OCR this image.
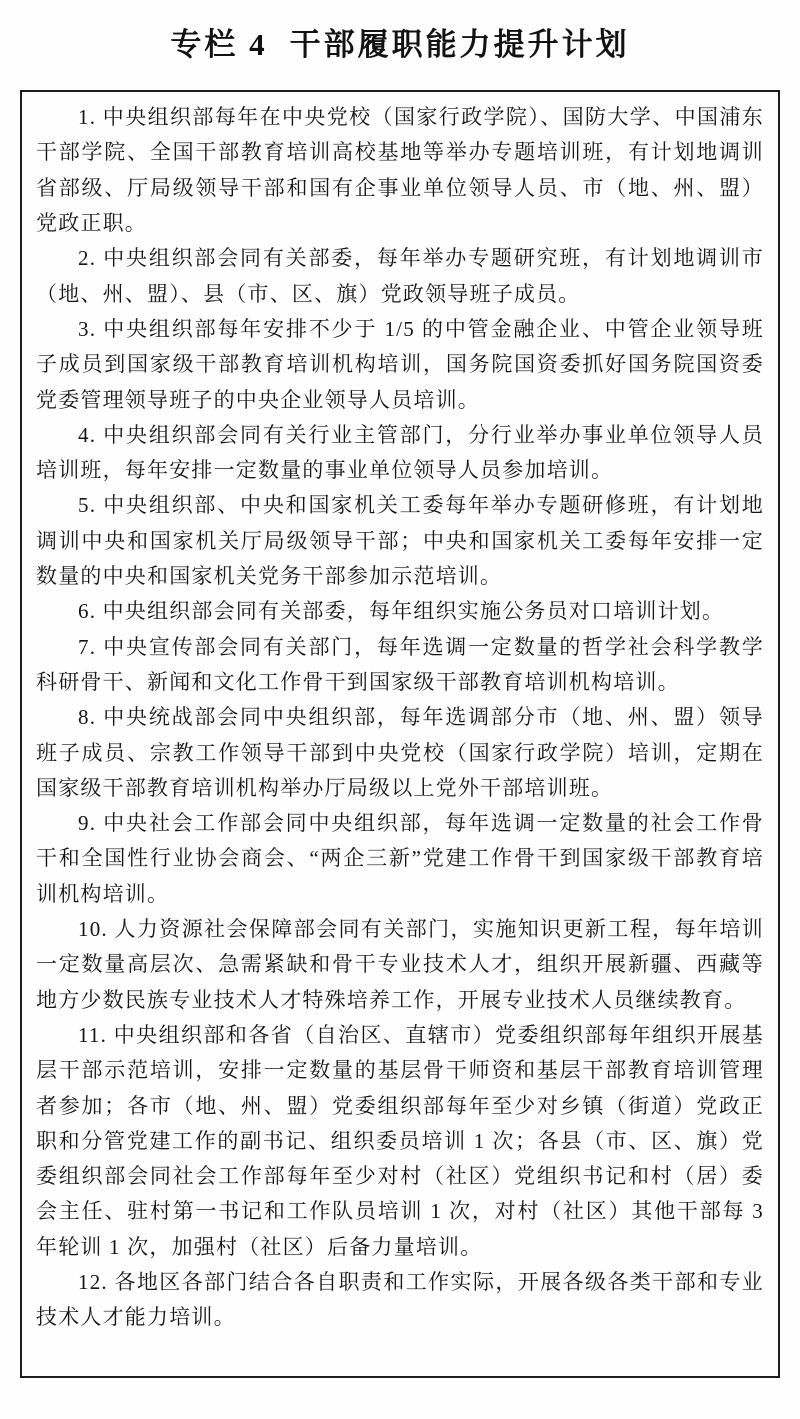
专栏 4 干部履职能力提升计划

1. 中央组织部每年在中央党校（国家行政学院）、国防大学、中国浦东干部学院、全国干部教育培训高校基地等举办专题培训班，有计划地调训省部级、厅局级领导干部和国有企事业单位领导人员、市（地、州、盟）党政正职。

2. 中央组织部会同有关部委，每年举办专题研究班，有计划地调训市（地、州、盟）、县（市、区、旗）党政领导班子成员。

3. 中央组织部每年安排不少于 1/5 的中管金融企业、中管企业领导班子成员到国家级干部教育培训机构培训，国务院国资委抓好国务院国资委党委管理领导班子的中央企业领导人员培训。

4. 中央组织部会同有关行业主管部门，分行业举办事业单位领导人员培训班，每年安排一定数量的事业单位领导人员参加培训。

5. 中央组织部、中央和国家机关工委每年举办专题研修班，有计划地调训中央和国家机关厅局级领导干部；中央和国家机关工委每年安排一定数量的中央和国家机关党务干部参加示范培训。

6. 中央组织部会同有关部委，每年组织实施公务员对口培训计划。

7. 中央宣传部会同有关部门，每年选调一定数量的哲学社会科学教学科研骨干、新闻和文化工作骨干到国家级干部教育培训机构培训。

8. 中央统战部会同中央组织部，每年选调部分市（地、州、盟）领导班子成员、宗教工作领导干部到中央党校（国家行政学院）培训，定期在国家级干部教育培训机构举办厅局级以上党外干部培训班。

9. 中央社会工作部会同中央组织部，每年选调一定数量的社会工作骨干和全国性行业协会商会、“两企三新”党建工作骨干到国家级干部教育培训机构培训。

10. 人力资源社会保障部会同有关部门，实施知识更新工程，每年培训一定数量高层次、急需紧缺和骨干专业技术人才，组织开展新疆、西藏等地方少数民族专业技术人才特殊培养工作，开展专业技术人员继续教育。

11. 中央组织部和各省（自治区、直辖市）党委组织部每年组织开展基层干部示范培训，安排一定数量的基层骨干师资和基层干部教育培训管理者参加；各市（地、州、盟）党委组织部每年至少对乡镇（街道）党政正职和分管党建工作的副书记、组织委员培训 1 次；各县（市、区、旗）党委组织部会同社会工作部每年至少对村（社区）党组织书记和村（居）委会主任、驻村第一书记和工作队员培训 1 次，对村（社区）其他干部每 3 年轮训 1 次，加强村（社区）后备力量培训。

12. 各地区各部门结合各自职责和工作实际，开展各级各类干部和专业技术人才能力培训。
